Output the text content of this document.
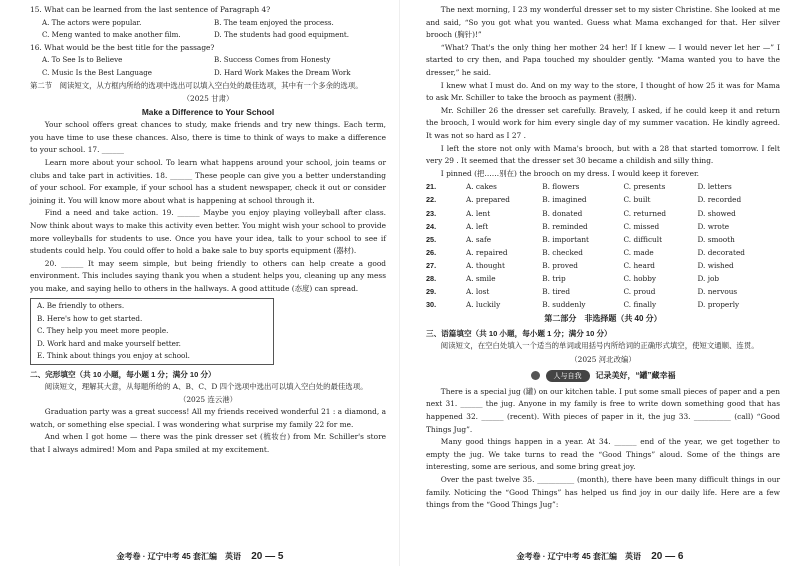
15. What can be learned from the last sentence of Paragraph 4?

A. The actors were popular.	B. The team enjoyed the process.
C. Meng wanted to make another film.	D. The students had good equipment.

16. What would be the best title for the passage?

A. To See Is to Believe	B. Success Comes from Honesty
C. Music Is the Best Language	D. Hard Work Makes the Dream Work

第二节　阅读短文，从方框内所给的选项中选出可以填入空白处的最佳选项，其中有一个多余的选项。

（2025 甘肃）
Make a Difference to Your School

Your school offers great chances to study, make friends and try new things. Each term, you have time to use these chances. Also, there is time to think of ways to make a difference to your school. 17. ______

Learn more about your school. To learn what happens around your school, join teams or clubs and take part in activities. 18. ______ These people can give you a better understanding of your school. For example, if your school has a student newspaper, check it out or consider joining it. You will know more about what is happening at school through it.

Find a need and take action. 19. ______ Maybe you enjoy playing volleyball after class. Now think about ways to make this activity even better. You might wish your school to provide more volleyballs for students to use. Once you have your idea, talk to your school to see if students could help. You could offer to hold a bake sale to buy sports equipment (器材).

20. ______ It may seem simple, but being friendly to others can help create a good environment. This includes saying thank you when a student helps you, cleaning up any mess you make, and saying hello to others in the hallways. A good attitude (态度) can spread.

A. Be friendly to others.
B. Here's how to get started.
C. They help you meet more people.
D. Work hard and make yourself better.
E. Think about things you enjoy at school.

二、完形填空（共 10 小题，每小题 1 分；满分 10 分）

阅读短文，理解其大意，从每题所给的 A、B、C、D 四个选项中选出可以填入空白处的最佳选项。

（2025 连云港）

Graduation party was a great success! All my friends received wonderful 21 : a diamond, a watch, or something else special. I was wondering what surprise my family 22 for me.

And when I got home — there was the pink dresser set (梳妆台) from Mr. Schiller's store that I always admired! Mom and Papa smiled at my excitement.

金考卷 · 辽宁中考 45 套汇编　英语 20 — 5

The next morning, I 23 my wonderful dresser set to my sister Christine. She looked at me and said, “So you got what you wanted. Guess what Mama exchanged for that. Her silver brooch (胸针)!”

“What? That's the only thing her mother 24 her! If I knew — I would never let her —” I started to cry then, and Papa touched my shoulder gently. “Mama wanted you to have the dresser,” he said.

I knew what I must do. And on my way to the store, I thought of how 25 it was for Mama to ask Mr. Schiller to take the brooch as payment (报酬).

Mr. Schiller 26 the dresser set carefully. Bravely, I asked, if he could keep it and return the brooch, I would work for him every single day of my summer vacation. He kindly agreed. It was not so hard as I 27 .

I left the store not only with Mama's brooch, but with a 28 that started tomorrow. I felt very 29 . It seemed that the dresser set 30 became a childish and silly thing.

I pinned (把……别在) the brooch on my dress. I would keep it forever.

21.	A. cakes	B. flowers	C. presents	D. letters
22.	A. prepared	B. imagined	C. built	D. recorded
23.	A. lent	B. donated	C. returned	D. showed
24.	A. left	B. reminded	C. missed	D. wrote
25.	A. safe	B. important	C. difficult	D. smooth
26.	A. repaired	B. checked	C. made	D. decorated
27.	A. thought	B. proved	C. heard	D. wished
28.	A. smile	B. trip	C. hobby	D. job
29.	A. lost	B. tired	C. proud	D. nervous
30.	A. luckily	B. suddenly	C. finally	D. properly
第二部分　非选择题（共 40 分）

三、语篇填空（共 10 小题，每小题 1 分；满分 10 分）

阅读短文，在空白处填入一个适当的单词或用括号内所给词的正确形式填空，使短文通顺、连贯。

（2025 河北改编）
人与自我	记录美好，“罐”藏幸福

There is a special jug (罐) on our kitchen table. I put some small pieces of paper and a pen next 31. ______ the jug. Anyone in my family is free to write down something good that has happened 32. ______ (recent). With pieces of paper in it, the jug 33. __________ (call) “Good Things Jug”.

Many good things happen in a year. At 34. ______ end of the year, we get together to empty the jug. We take turns to read the “Good Things” aloud. Some of the things are interesting, some are serious, and some bring great joy.

Over the past twelve 35. __________ (month), there have been many difficult things in our family. Noticing the “Good Things” has helped us find joy in our daily life. Here are a few things from the “Good Things Jug”:

金考卷 · 辽宁中考 45 套汇编　英语 20 — 6
